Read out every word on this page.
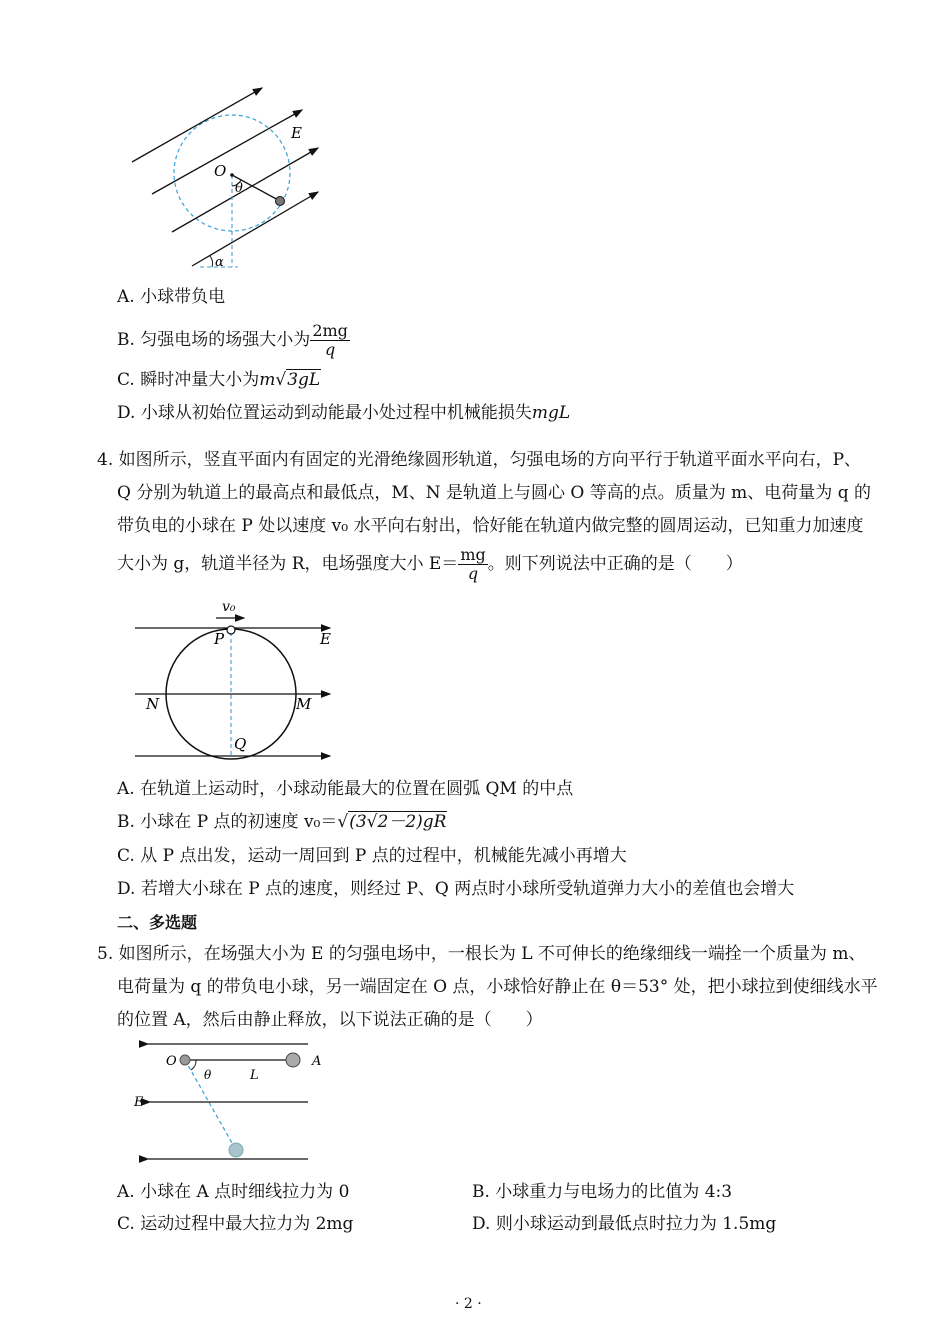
E
O
θ
α
A. 小球带负电
B. 匀强电场的场强大小为 $\frac{2mg}{q}$
C. 瞬时冲量大小为m√3gL
D. 小球从初始位置运动到动能最小处过程中机械能损失mgL
4. 如图所示，竖直平面内有固定的光滑绝缘圆形轨道，匀强电场的方向平行于轨道平面水平向右，P、
Q 分别为轨道上的最高点和最低点，M、N 是轨道上与圆心 O 等高的点。质量为 m、电荷量为 q 的
带负电的小球在 P 处以速度 v₀ 水平向右射出，恰好能在轨道内做完整的圆周运动，已知重力加速度
大小为 g，轨道半径为 R，电场强度大小 $E= \frac{mg}{q}$ 。则下列说法中正确的是（　　）
v₀
P	E
N	M
Q
A. 在轨道上运动时，小球动能最大的位置在圆弧 QM 的中点
B. 小球在 P 点的初速度 v₀＝√(3√2－2)gR
C. 从 P 点出发，运动一周回到 P 点的过程中，机械能先减小再增大
D. 若增大小球在 P 点的速度，则经过 P、Q 两点时小球所受轨道弹力大小的差值也会增大
二、多选题
5. 如图所示，在场强大小为 E 的匀强电场中，一根长为 L 不可伸长的绝缘细线一端拴一个质量为 m、
电荷量为 q 的带负电小球，另一端固定在 O 点，小球恰好静止在 θ＝53° 处，把小球拉到使细线水平
的位置 A，然后由静止释放，以下说法正确的是（　　）
O	A
θ	L
E
A. 小球在 A 点时细线拉力为 0	B. 小球重力与电场力的比值为 4:3
C. 运动过程中最大拉力为 2mg	D. 则小球运动到最低点时拉力为 1.5mg
· 2 ·
